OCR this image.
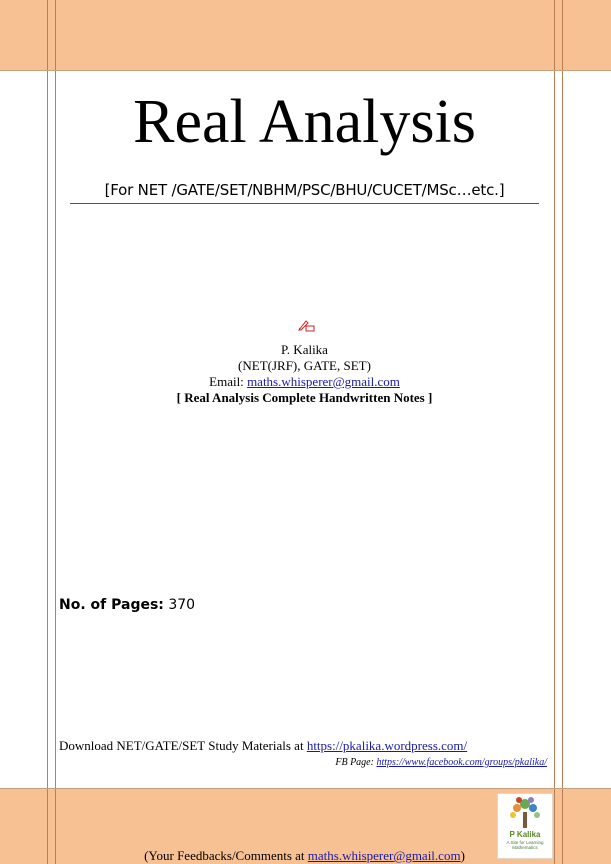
Real Analysis
[For NET /GATE/SET/NBHM/PSC/BHU/CUCET/MSc…etc.]
P. Kalika
(NET(JRF), GATE, SET)
Email: maths.whisperer@gmail.com
[ Real Analysis Complete Handwritten Notes ]
No. of Pages: 370
Download NET/GATE/SET Study Materials at https://pkalika.wordpress.com/
FB Page: https://www.facebook.com/groups/pkalika/
P Kalika
A Site for Learning Mathematics
(Your Feedbacks/Comments at maths.whisperer@gmail.com)
